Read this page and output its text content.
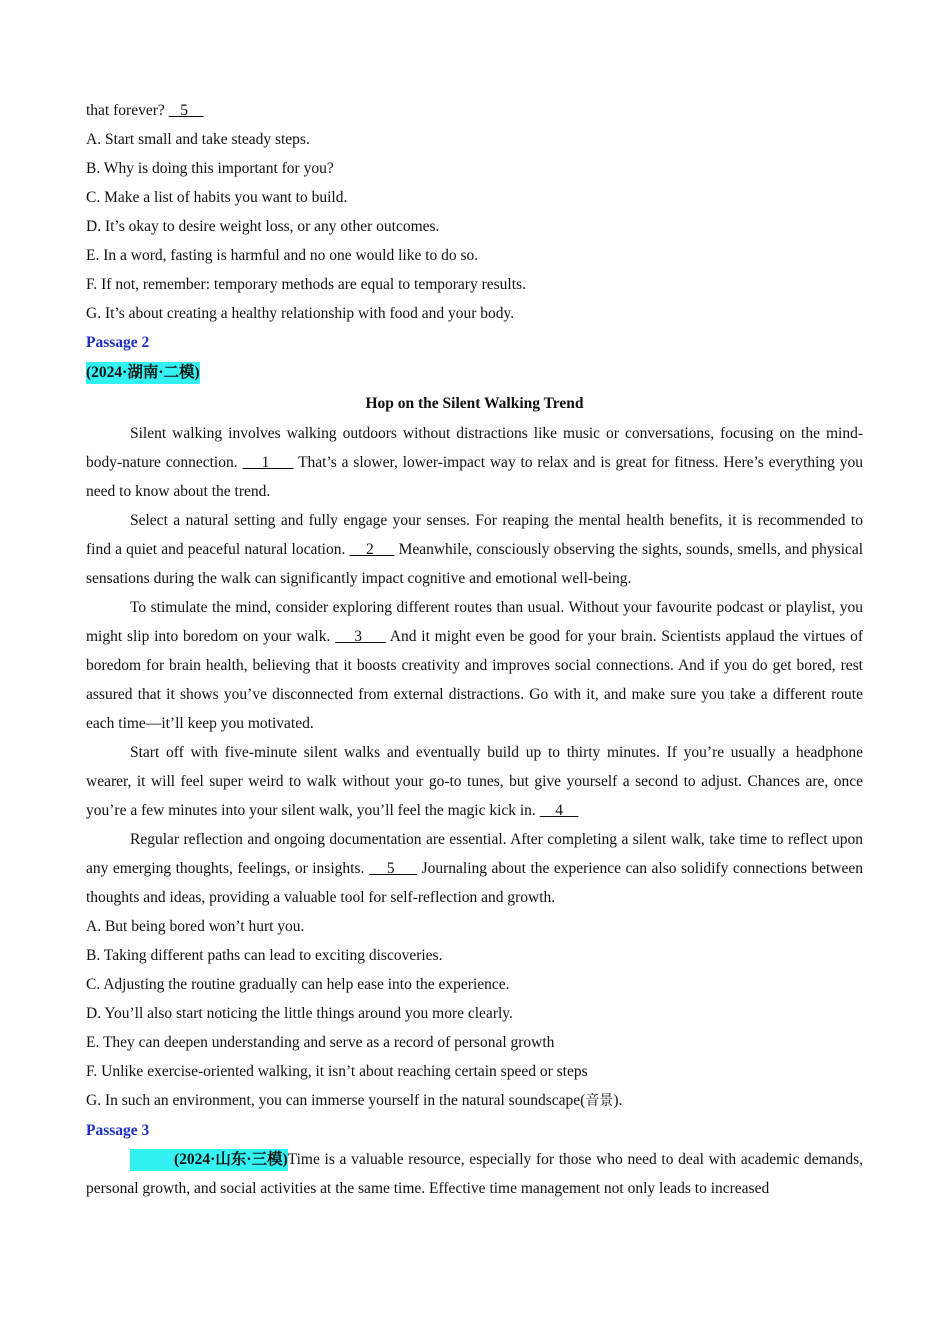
that forever?    5
A. Start small and take steady steps.
B. Why is doing this important for you?
C. Make a list of habits you want to build.
D. It’s okay to desire weight loss, or any other outcomes.
E. In a word, fasting is harmful and no one would like to do so.
F. If not, remember: temporary methods are equal to temporary results.
G. It’s about creating a healthy relationship with food and your body.
Passage 2
(2024·湖南·二模)
Hop on the Silent Walking Trend

Silent walking involves walking outdoors without distractions like music or conversations, focusing on the mind-body-nature connection.     1      That’s a slower, lower-impact way to relax and is great for fitness. Here’s everything you need to know about the trend.

Select a natural setting and fully engage your senses. For reaping the mental health benefits, it is recommended to find a quiet and peaceful natural location.     2      Meanwhile, consciously observing the sights, sounds, smells, and physical sensations during the walk can significantly impact cognitive and emotional well-being.

To stimulate the mind, consider exploring different routes than usual. Without your favourite podcast or playlist, you might slip into boredom on your walk.     3      And it might even be good for your brain. Scientists applaud the virtues of boredom for brain health, believing that it boosts creativity and improves social connections. And if you do get bored, rest assured that it shows you’ve disconnected from external distractions. Go with it, and make sure you take a different route each time—it’ll keep you motivated.

Start off with five-minute silent walks and eventually build up to thirty minutes. If you’re usually a headphone wearer, it will feel super weird to walk without your go-to tunes, but give yourself a second to adjust. Chances are, once you’re a few minutes into your silent walk, you’ll feel the magic kick in.     4

Regular reflection and ongoing documentation are essential. After completing a silent walk, take time to reflect upon any emerging thoughts, feelings, or insights.     5      Journaling about the experience can also solidify connections between thoughts and ideas, providing a valuable tool for self-reflection and growth.

A. But being bored won’t hurt you.
B. Taking different paths can lead to exciting discoveries.
C. Adjusting the routine gradually can help ease into the experience.
D. You’ll also start noticing the little things around you more clearly.
E. They can deepen understanding and serve as a record of personal growth
F. Unlike exercise-oriented walking, it isn’t about reaching certain speed or steps
G. In such an environment, you can immerse yourself in the natural soundscape(音景).
Passage 3

(2024·山东·三模)Time is a valuable resource, especially for those who need to deal with academic demands, personal growth, and social activities at the same time. Effective time management not only leads to increased
